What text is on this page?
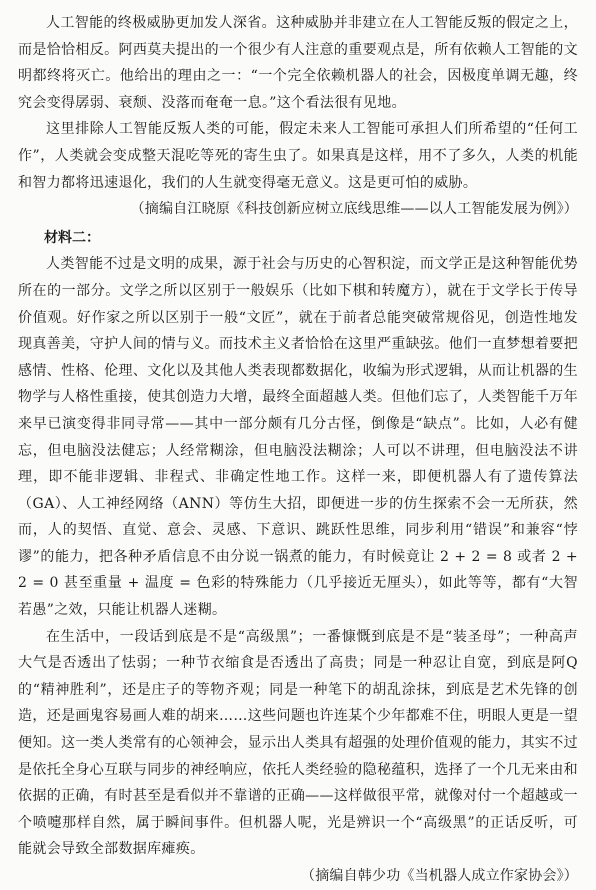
人工智能的终极威胁更加发人深省。这种威胁并非建立在人工智能反叛的假定之上，而是恰恰相反。阿西莫夫提出的一个很少有人注意的重要观点是，所有依赖人工智能的文明都终将灭亡。他给出的理由之一：“一个完全依赖机器人的社会，因极度单调无趣，终究会变得孱弱、衰颓、没落而奄奄一息。”这个看法很有见地。

这里排除人工智能反叛人类的可能，假定未来人工智能可承担人们所希望的“任何工作”，人类就会变成整天混吃等死的寄生虫了。如果真是这样，用不了多久，人类的机能和智力都将迅速退化，我们的人生就变得毫无意义。这是更可怕的威胁。

（摘编自江晓原《科技创新应树立底线思维——以人工智能发展为例》）

材料二：

人类智能不过是文明的成果，源于社会与历史的心智积淀，而文学正是这种智能优势所在的一部分。文学之所以区别于一般娱乐（比如下棋和转魔方），就在于文学长于传导价值观。好作家之所以区别于一般“文匠”，就在于前者总能突破常规俗见，创造性地发现真善美，守护人间的情与义。而技术主义者恰恰在这里严重缺弦。他们一直梦想着要把感情、性格、伦理、文化以及其他人类表现都数据化，收编为形式逻辑，从而让机器的生物学与人格性重接，使其创造力大增，最终全面超越人类。但他们忘了，人类智能千万年来早已演变得非同寻常——其中一部分颇有几分古怪，倒像是“缺点”。比如，人必有健忘，但电脑没法健忘；人经常糊涂，但电脑没法糊涂；人可以不讲理，但电脑没法不讲理，即不能非逻辑、非程式、非确定性地工作。这样一来，即便机器人有了遗传算法（GA）、人工神经网络（ANN）等仿生大招，即便进一步的仿生探索不会一无所获，然而，人的契悟、直觉、意会、灵感、下意识、跳跃性思维，同步利用“错误”和兼容“悖谬”的能力，把各种矛盾信息不由分说一锅煮的能力，有时候竟让 2 + 2 = 8 或者 2 + 2 = 0 甚至重量 + 温度 = 色彩的特殊能力（几乎接近无厘头），如此等等，都有“大智若愚”之效，只能让机器人迷糊。

在生活中，一段话到底是不是“高级黑”；一番慷慨到底是不是“装圣母”；一种高声大气是否透出了怯弱；一种节衣缩食是否透出了高贵；同是一种忍让自宽，到底是阿Q的“精神胜利”，还是庄子的等物齐观；同是一种笔下的胡乱涂抹，到底是艺术先锋的创造，还是画鬼容易画人难的胡来……这些问题也许连某个少年都难不住，明眼人更是一望便知。这一类人类常有的心领神会，显示出人类具有超强的处理价值观的能力，其实不过是依托全身心互联与同步的神经响应，依托人类经验的隐秘蕴积，选择了一个几无来由和依据的正确，有时甚至是看似并不靠谱的正确——这样做很平常，就像对付一个超越或一个喷嚏那样自然，属于瞬间事件。但机器人呢，光是辨识一个“高级黑”的正话反听，可能就会导致全部数据库瘫痪。

（摘编自韩少功《当机器人成立作家协会》）
